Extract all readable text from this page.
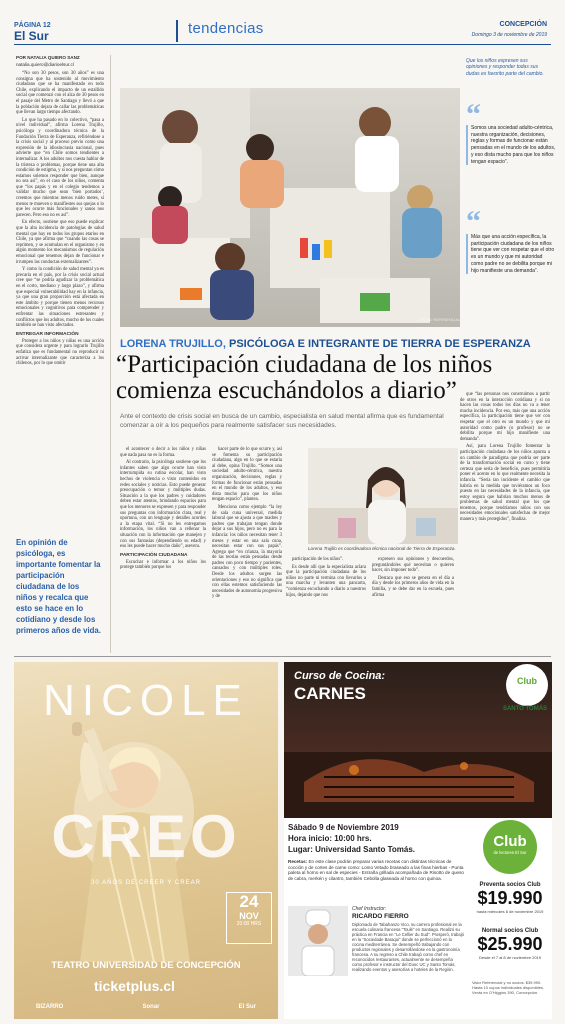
PÁGINA 12
El Sur	tendencias	CONCEPCIÓN
Domingo 3 de noviembre de 2019
POR NATALIA QUIERO SANZ
natalia.quiero@diarioelsur.cl

“No son 30 pesos, son 30 años” es una consigna que ha sostenido al movimiento ciudadano que se ha manifestado en todo Chile, explicando el impacto de un estallido social que comenzó con el alza de 30 pesos en el pasaje del Metro de Santiago y llevó a que la población dejara de callar las problemáticas que llevan largo tiempo afectando.

Lo que ha pasado en lo colectivo, “pasa a nivel individual”, afirma Lorena Trujillo, psicóloga y coordinadora técnica de la Fundación Tierra de Esperanza, refiriéndose a la crisis social y al proceso previo como una expresión de la idiosincrasia nacional, pues advierte que “en Chile somos tendientes a internalizar. A los adultos nos cuesta hablar de la tristeza o problemas, porque tiene una alta condición de estigma, y sí nos preguntan cómo estamos solemos responder que bien, aunque no sea así”, en el caso de los niños, comenta que “los papás y en el colegio tendemos a validar mucho que sean ‘bien portados’, creemos que mientras menos ruido metes, sí menos te mueven o manifiestes sus quejas o lo que les ocurre más funcionales y sanos nos parecen. Pero eso no es así”.

En efecto, sostiene que eso puede explicar que la alta incidencia de patologías de salud mental que hay en todos los grupos etarios en Chile, ya que afirma que “cuando las cosas se reprimen, y se acumulan en el organismo y en algún momento los mecanismos de regulación emocional que tenemos dejan de funcionar e irrumpen las conductas externalizantes”.

Y como la condición de salud mental ya es precaria en el país, por la crisis social actual cree que “se podría agudizar la problemática en el corto, mediano y largo plazo”, y afirma que especial vulnerabilidad hay en la infancia, ya que una gran proporción está afectada en este ámbito y porque tienen menos recursos emocionales y cognitivos para comprender y enfrentar las situaciones estresantes y conflictos que los adultos, mucho de los cuales también se han visto afectados.

ENTREGAR INFORMACIÓN

Proteger a los niños y niñas es una acción que considera urgente y para lograrlo Trujillo enfatiza que es fundamental no reproducir ni activar internalizante que caracteriza a los chilenos, por lo que omitir

En opinión de psicóloga, es importante fomentar la participación ciudadana de los niños y recalca que esto se hace en lo cotidiano y desde los primeros años de vida.
FOTO: REFERENCIAL
Que los niños expresen sus opiniones y responder todas sus dudas es favorito parte del cambio.
“
Somos una sociedad adulto-céntrica, nuestra organización, decisiones, reglas y formas de funcionar están pensadas en el mundo de los adultos, y eso dista mucho para que los niños tengan espacio”.
“
Más que una acción específica, la participación ciudadana de los niños tiene que ver con respetar que el otro es un mundo y que mi autoridad como padre no se debilita porque mi hijo manifieste una demanda”.
LORENA TRUJILLO, PSICÓLOGA E INTEGRANTE DE TIERRA DE ESPERANZA
“Participación ciudadana de los niños comienza escuchándolos a diario”
Ante el contexto de crisis social en busca de un cambio, especialista en salud mental afirma que es fundamental comenzar a oír a los pequeños para realmente satisfacer sus necesidades.

el acontecer o decir a los niños y niñas que nada pasa no es la forma.

Al contrario, la psicóloga sostiene que los infantes saben que algo ocurre han visto interrumpida su rutina escolar, han visto hechos de violencia o visto contenidos en redes sociales y noticias. Esto puede generar preocupación o temor y múltiples dudas. Situación a la que los padres y cuidadores deben estar atentos, brindando espacios para que los menores se expresen y para responder sus preguntas con información clara, real y oportuna, con un lenguaje y detalles acordes a la etapa vital. “Si no les entregamos información, los niños van a rellenar la situación con la información que manejen y con sus fantasías (dependiendo su edad) y eso les puede hacer mucho daño”, asevera.

PARTICIPACIÓN CIUDADANA

Escuchar e informar a los niños los protege también porque los

hacer parte de lo que ocurre y, así se fomenta su participación ciudadana, algo en lo que se estaría al debe, opina Trujillo. “Somos una sociedad adulto-céntrica, nuestra organización, decisiones, reglas y formas de funcionar están pensadas en el mundo de los adultos, y eso dista mucho para que los niños tengan espacio”, plantea.

Menciona como ejemplo “la ley de sala cuna universal, medida laboral que se ajusta a que madres y padres que trabajan tengan donde dejar a sus hijos, pero no es para la infancia: los niños necesitan tener 3 meses y estar en una sala cuna, necesitan estar con sus papás”. Agrega que “en crianza, la mayoría de las teorías están pensadas desde padres con poco tiempo y pacientes, cansados y con múltiples roles. Desde los adultos surgen las orientaciones y eso no significa que con ellas estemos satisfaciendo las necesidades de autonomía progresiva y de

Lorena Trujillo es coordinadora técnica nacional de Tierra de Esperanza.

participación de los niños”.

Es desde allí que la especialista aclara que la participación ciudadana de los niños no parte ni termina con llevarlos a una marcha y levanten una pancarta, “comienza escuchando a diario a nuestros hijos, dejando que nos

expresen sus opiniones y descuerdos, preguntándoles qué necesitan o quieren hacer, sin imponer todo”.

Destaca que eso se genera en el día a día y desde los primeros años de vida en la familia, y se debe dar en la escuela, pues afirma

que “las personas nos construimos a partir de otros en la interacción cotidiana y si no hacen las cosas todos los días no va a tener mucha incidencia. Por eso, más que una acción específica, la participación tiene que ver con respetar que el otro es un mundo y que mi autoridad como padre (o profesor) no se debilita porque mi hijo manifieste una demanda”.

Así, para Lorena Trujillo fomentar la participación ciudadana de los niños apunta a un cambio de paradigma que podría ser parte de la transformación social en curso y tiene certeza que sería de beneficio, pues permitiría poner el acento en lo que realmente necesita la infancia. “Sería tan incidente el cambio que habría en la medida que tuviéramos un foco puesto en las necesidades de la infancia, que estoy segura que habrían muchos menos de problemas de salud mental que los que tenemos, porque tendríamos niños con sus necesidades emocionales satisfechas de mejor manera y más protegidos”, finaliza.

NICOLE
CREO
30 AÑOS DE CREER Y CREAR
24
NOV
20:00 HRS
TEATRO UNIVERSIDAD DE CONCEPCIÓN
ticketplus.cl
BIZARRO	Sonar	El Sur
Curso de Cocina:
CARNES
Club
SANTO TOMÁS
Sábado 9 de Noviembre 2019
Hora inicio: 10:00 hrs.
Lugar: Universidad Santo Tomás.
Recetas: En este clase podrán preparar varias recetas con distintas técnicas de cocción y de cortes de carne como: Lomo Vetado braseado a las finas hierbas - Punta paleta al horno en sal de especies - Entraña grillada acompañada de Risotto de queso de cabra, merkén y cilantro, también Cebolla glaseada al horno con quinoa.
Chef Instructor:
RICARDO FIERRO
Diplomado de Tabahanzo Vico, su carrera profesional en la escuela culinaria francesa “Toulé” en Santiago. Realizó su práctica en Francia en “Le Cellier du Sud”. Prosperó, trabajó en la “Sociedade Baraqui” donde se perfeccionó en la cocina mediterránea. Se desempeñó trabajando con productos regionales y desarrollándose en la gastronomía francesa. A su regreso a Chile trabajó como chef en reconocidos restaurantes, actualmente se desempeña como profesor e instructor del Duoc UC y Santo Tomás, realizando eventos y asesorías a hoteles de la Región.
Club
de lectores El Sur
Preventa socios Club
$19.990
hasta miércoles 6 de noviembre 2019
Normal socios Club
$25.990
Desde el 7 al 8 de noviembre 2019
Valor Referencial y no socios: $39.990. Hasta 10 cupos individuales disponibles. Venta en O'Higgins 390, Concepción.
